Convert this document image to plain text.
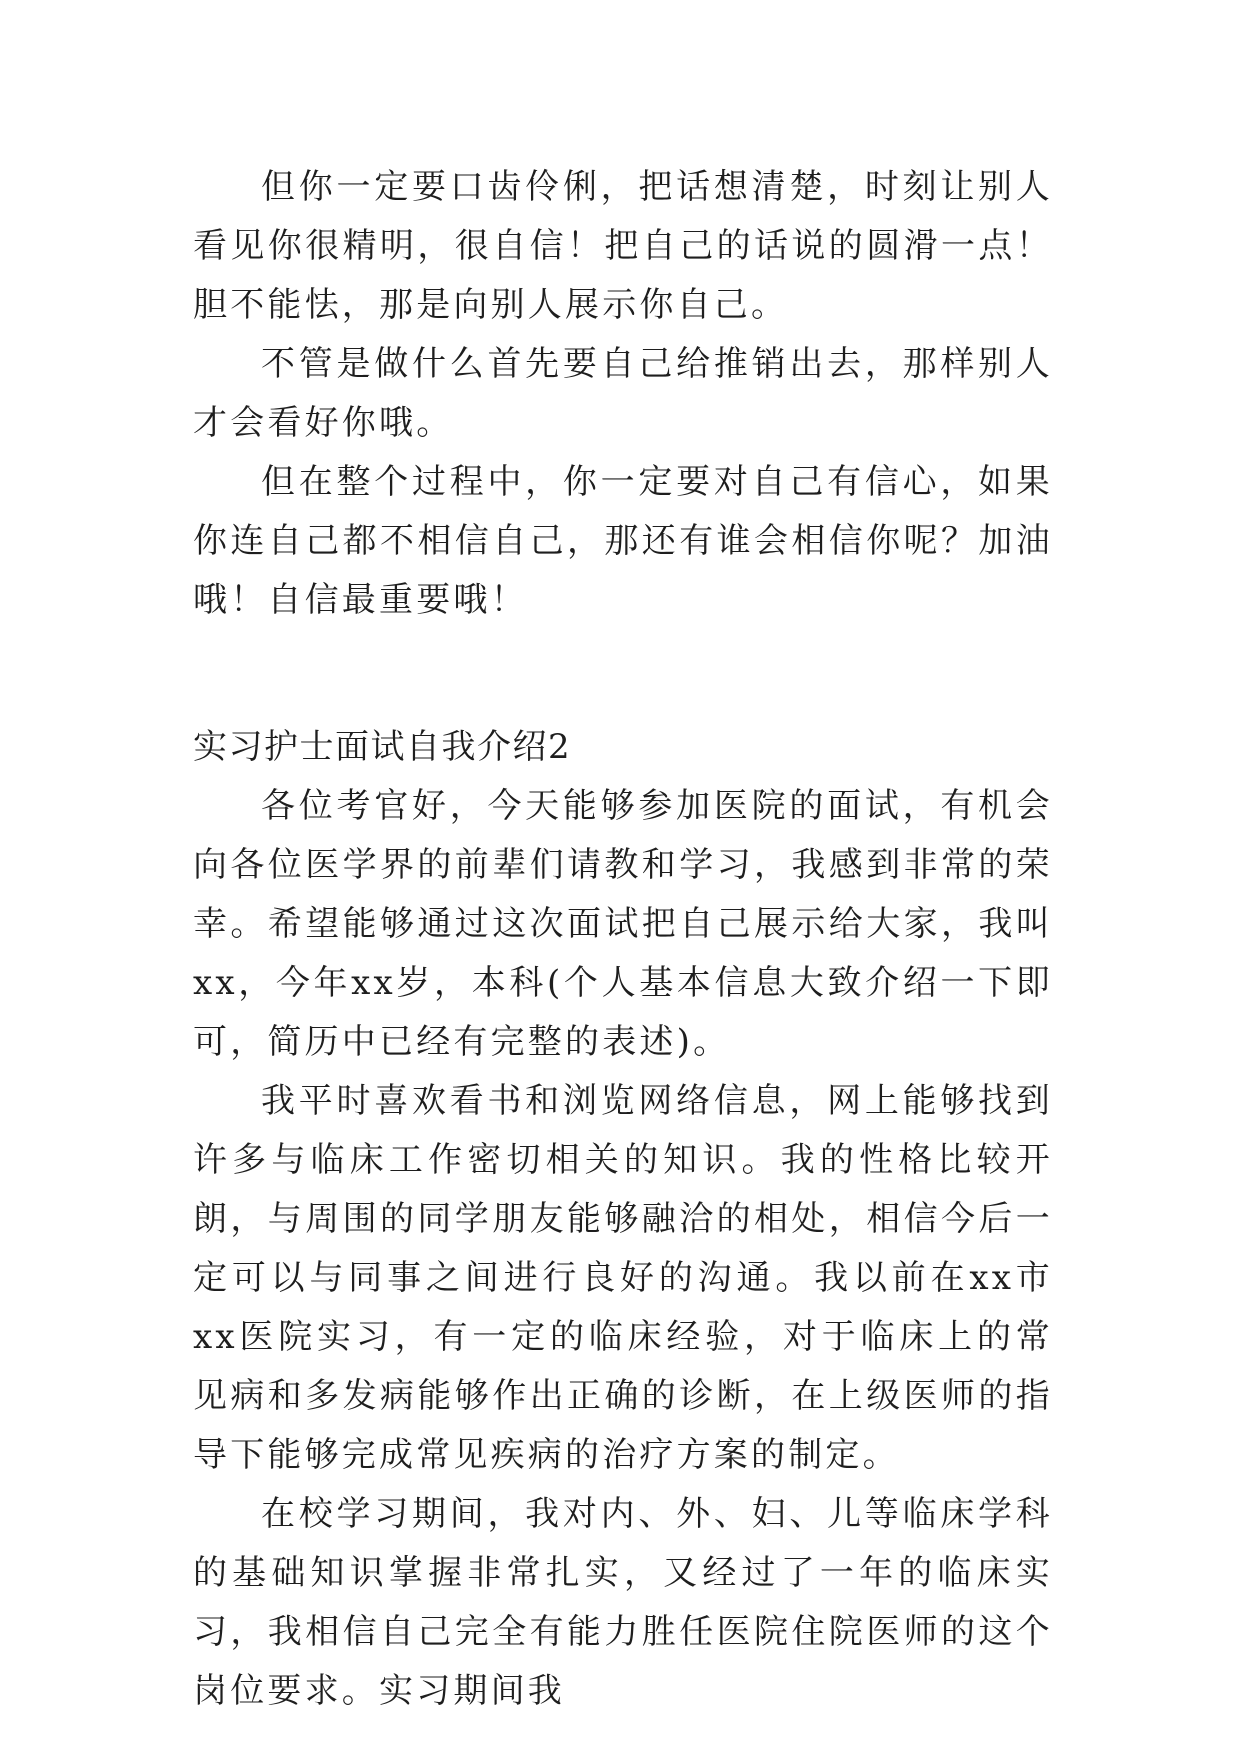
但你一定要口齿伶俐，把话想清楚，时刻让别人看见你很精明，很自信！把自己的话说的圆滑一点！胆不能怯，那是向别人展示你自己。

不管是做什么首先要自己给推销出去，那样别人才会看好你哦。

但在整个过程中，你一定要对自己有信心，如果你连自己都不相信自己，那还有谁会相信你呢？加油哦！自信最重要哦！

实习护士面试自我介绍2

各位考官好，今天能够参加医院的面试，有机会向各位医学界的前辈们请教和学习，我感到非常的荣幸。希望能够通过这次面试把自己展示给大家，我叫xx，今年xx岁，本科(个人基本信息大致介绍一下即可，简历中已经有完整的表述)。

我平时喜欢看书和浏览网络信息，网上能够找到许多与临床工作密切相关的知识。我的性格比较开朗，与周围的同学朋友能够融洽的相处，相信今后一定可以与同事之间进行良好的沟通。我以前在xx市xx医院实习，有一定的临床经验，对于临床上的常见病和多发病能够作出正确的诊断，在上级医师的指导下能够完成常见疾病的治疗方案的制定。

在校学习期间，我对内、外、妇、儿等临床学科的基础知识掌握非常扎实，又经过了一年的临床实习，我相信自己完全有能力胜任医院住院医师的这个岗位要求。实习期间我
